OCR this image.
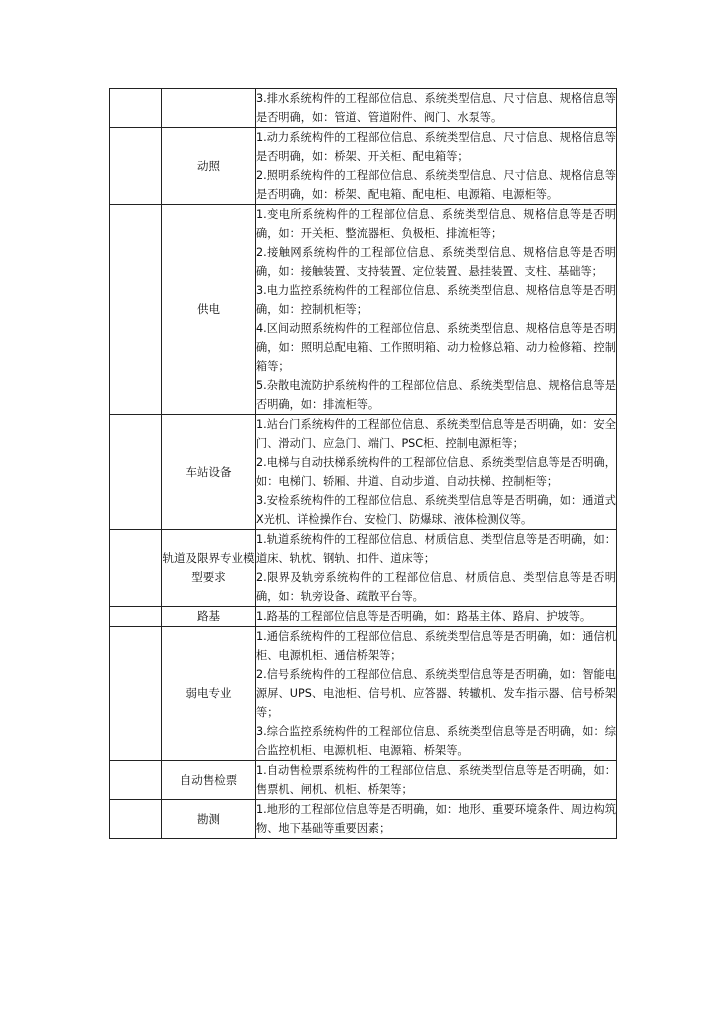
		3.排水系统构件的工程部位信息、系统类型信息、尺寸信息、规格信息等是否明确，如：管道、管道附件、阀门、水泵等。

	动照	1.动力系统构件的工程部位信息、系统类型信息、尺寸信息、规格信息等是否明确，如：桥架、开关柜、配电箱等；
2.照明系统构件的工程部位信息、系统类型信息、尺寸信息、规格信息等是否明确，如：桥架、配电箱、配电柜、电源箱、电源柜等。

	供电	1.变电所系统构件的工程部位信息、系统类型信息、规格信息等是否明确，如：开关柜、整流器柜、负极柜、排流柜等；
2.接触网系统构件的工程部位信息、系统类型信息、规格信息等是否明确，如：接触装置、支持装置、定位装置、悬挂装置、支柱、基础等；
3.电力监控系统构件的工程部位信息、系统类型信息、规格信息等是否明确，如：控制机柜等；
4.区间动照系统构件的工程部位信息、系统类型信息、规格信息等是否明确，如：照明总配电箱、工作照明箱、动力检修总箱、动力检修箱、控制箱等；
5.杂散电流防护系统构件的工程部位信息、系统类型信息、规格信息等是否明确，如：排流柜等。

	车站设备	1.站台门系统构件的工程部位信息、系统类型信息等是否明确，如：安全门、滑动门、应急门、端门、PSC柜、控制电源柜等；
2.电梯与自动扶梯系统构件的工程部位信息、系统类型信息等是否明确，如：电梯门、轿厢、井道、自动步道、自动扶梯、控制柜等；
3.安检系统构件的工程部位信息、系统类型信息等是否明确，如：通道式X光机、详检操作台、安检门、防爆球、液体检测仪等。

	轨道及限界专业模型要求	1.轨道系统构件的工程部位信息、材质信息、类型信息等是否明确，如：道床、轨枕、钢轨、扣件、道床等；
2.限界及轨旁系统构件的工程部位信息、材质信息、类型信息等是否明确，如：轨旁设备、疏散平台等。

	路基	1.路基的工程部位信息等是否明确，如：路基主体、路肩、护坡等。

	弱电专业	1.通信系统构件的工程部位信息、系统类型信息等是否明确，如：通信机柜、电源机柜、通信桥架等；
2.信号系统构件的工程部位信息、系统类型信息等是否明确，如：智能电源屏、UPS、电池柜、信号机、应答器、转辙机、发车指示器、信号桥架等；
3.综合监控系统构件的工程部位信息、系统类型信息等是否明确，如：综合监控机柜、电源机柜、电源箱、桥架等。

	自动售检票	1.自动售检票系统构件的工程部位信息、系统类型信息等是否明确，如：售票机、闸机、机柜、桥架等；

	勘测	1.地形的工程部位信息等是否明确，如：地形、重要环境条件、周边构筑物、地下基础等重要因素；
